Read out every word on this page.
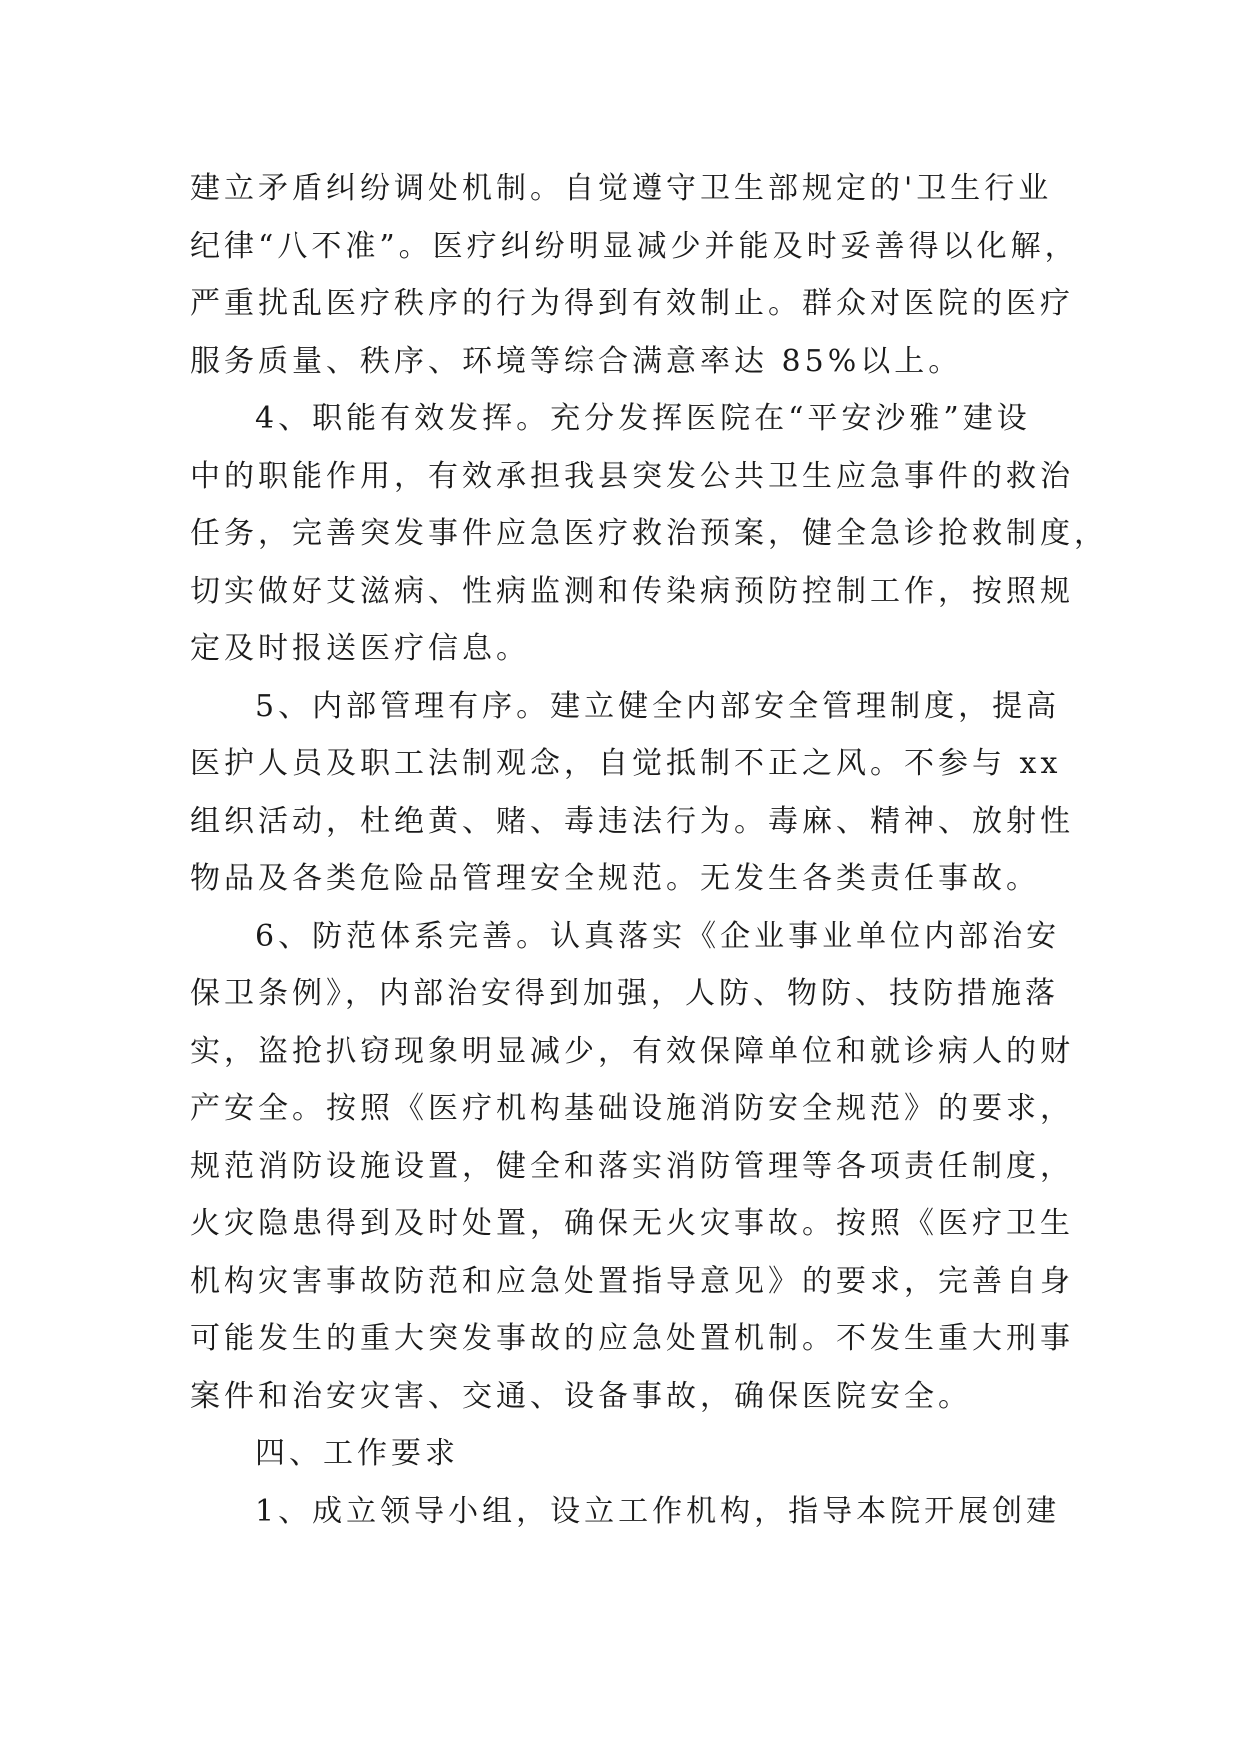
建立矛盾纠纷调处机制。自觉遵守卫生部规定的'卫生行业
纪律“八不准”。医疗纠纷明显减少并能及时妥善得以化解，
严重扰乱医疗秩序的行为得到有效制止。群众对医院的医疗
服务质量、秩序、环境等综合满意率达 85%以上。
4、职能有效发挥。充分发挥医院在“平安沙雅”建设
中的职能作用，有效承担我县突发公共卫生应急事件的救治
任务，完善突发事件应急医疗救治预案，健全急诊抢救制度，
切实做好艾滋病、性病监测和传染病预防控制工作，按照规
定及时报送医疗信息。
5、内部管理有序。建立健全内部安全管理制度，提高
医护人员及职工法制观念，自觉抵制不正之风。不参与 xx
组织活动，杜绝黄、赌、毒违法行为。毒麻、精神、放射性
物品及各类危险品管理安全规范。无发生各类责任事故。
6、防范体系完善。认真落实《企业事业单位内部治安
保卫条例》，内部治安得到加强，人防、物防、技防措施落
实，盗抢扒窃现象明显减少，有效保障单位和就诊病人的财
产安全。按照《医疗机构基础设施消防安全规范》的要求，
规范消防设施设置，健全和落实消防管理等各项责任制度，
火灾隐患得到及时处置，确保无火灾事故。按照《医疗卫生
机构灾害事故防范和应急处置指导意见》的要求，完善自身
可能发生的重大突发事故的应急处置机制。不发生重大刑事
案件和治安灾害、交通、设备事故，确保医院安全。
四、工作要求
1、成立领导小组，设立工作机构，指导本院开展创建
